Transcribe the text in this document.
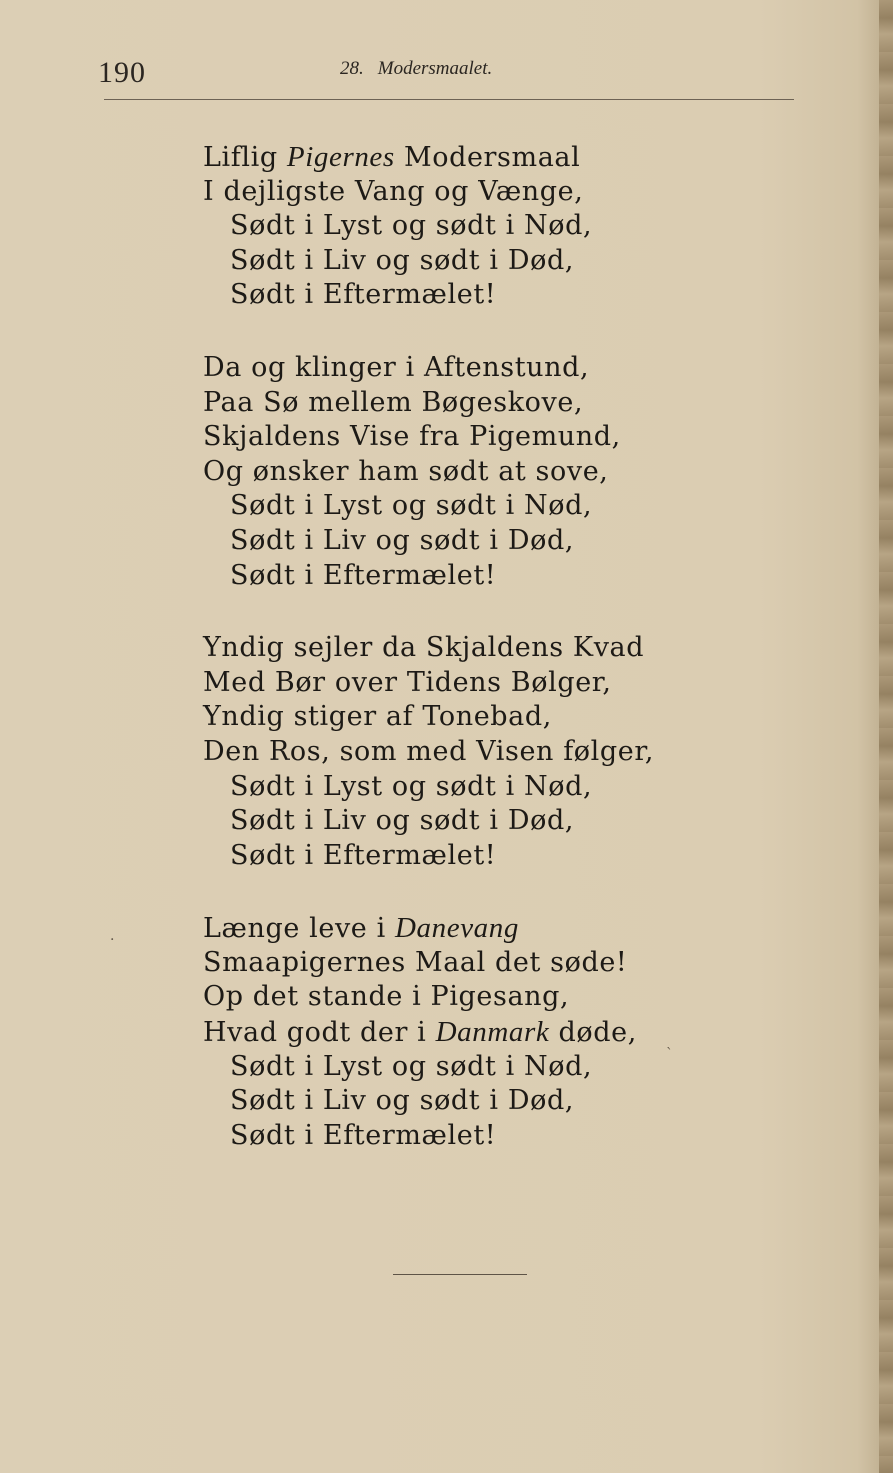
190	28. Modersmaalet.
Liflig Pigernes Modersmaal
I dejligste Vang og Vænge,
Sødt i Lyst og sødt i Nød,
Sødt i Liv og sødt i Død,
Sødt i Eftermælet!
Da og klinger i Aftenstund,
Paa Sø mellem Bøgeskove,
Skjaldens Vise fra Pigemund,
Og ønsker ham sødt at sove,
Sødt i Lyst og sødt i Nød,
Sødt i Liv og sødt i Død,
Sødt i Eftermælet!
Yndig sejler da Skjaldens Kvad
Med Bør over Tidens Bølger,
Yndig stiger af Tonebad,
Den Ros, som med Visen følger,
Sødt i Lyst og sødt i Nød,
Sødt i Liv og sødt i Død,
Sødt i Eftermælet!
Længe leve i Danevang
Smaapigernes Maal det søde!
Op det stande i Pigesang,
Hvad godt der i Danmark døde,
Sødt i Lyst og sødt i Nød,
Sødt i Liv og sødt i Død,
Sødt i Eftermælet!
`
·
